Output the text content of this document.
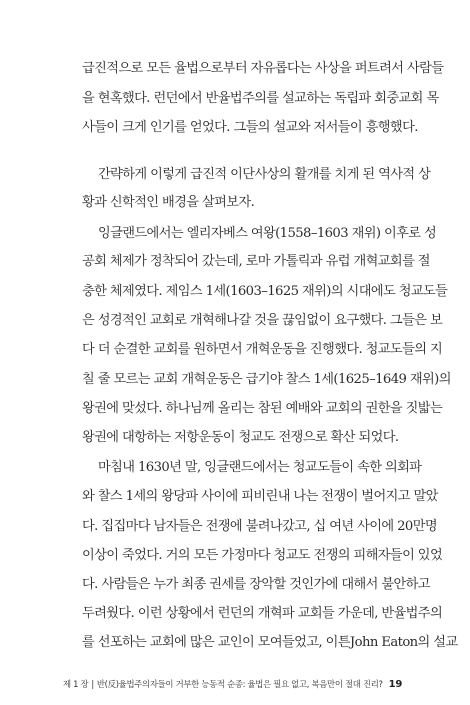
급진적으로 모든 율법으로부터 자유롭다는 사상을 퍼트려서 사람들
을 현혹했다. 런던에서 반율법주의를 설교하는 독립파 회중교회 목
사들이 크게 인기를 얻었다. 그들의 설교와 저서들이 흥행했다.
간략하게 이렇게 급진적 이단사상의 활개를 치게 된 역사적 상
황과 신학적인 배경을 살펴보자.
잉글랜드에서는 엘리자베스 여왕(1558–1603 재위) 이후로 성
공회 체제가 정착되어 갔는데, 로마 가톨릭과 유럽 개혁교회를 절
충한 체제였다. 제임스 1세(1603–1625 재위)의 시대에도 청교도들
은 성경적인 교회로 개혁해나갈 것을 끊임없이 요구했다. 그들은 보
다 더 순결한 교회를 원하면서 개혁운동을 진행했다. 청교도들의 지
칠 줄 모르는 교회 개혁운동은 급기야 찰스 1세(1625–1649 재위)의
왕권에 맞섰다. 하나님께 올리는 참된 예배와 교회의 권한을 짓밟는
왕권에 대항하는 저항운동이 청교도 전쟁으로 확산 되었다.
마침내 1630년 말, 잉글랜드에서는 청교도들이 속한 의회파
와 찰스 1세의 왕당파 사이에 피비린내 나는 전쟁이 벌어지고 말았
다. 집집마다 남자들은 전쟁에 불려나갔고, 십 여년 사이에 20만명
이상이 죽었다. 거의 모든 가정마다 청교도 전쟁의 피해자들이 있었
다. 사람들은 누가 최종 권세를 장악할 것인가에 대해서 불안하고
두려웠다. 이런 상황에서 런던의 개혁파 교회들 가운데, 반율법주의
를 선포하는 교회에 많은 교인이 모여들었고, 이튼John Eaton의 설교
제 1 장 | 반(反)율법주의자들이 거부한 능동적 순종: 율법은 필요 없고, 복음만이 절대 진리? 19
